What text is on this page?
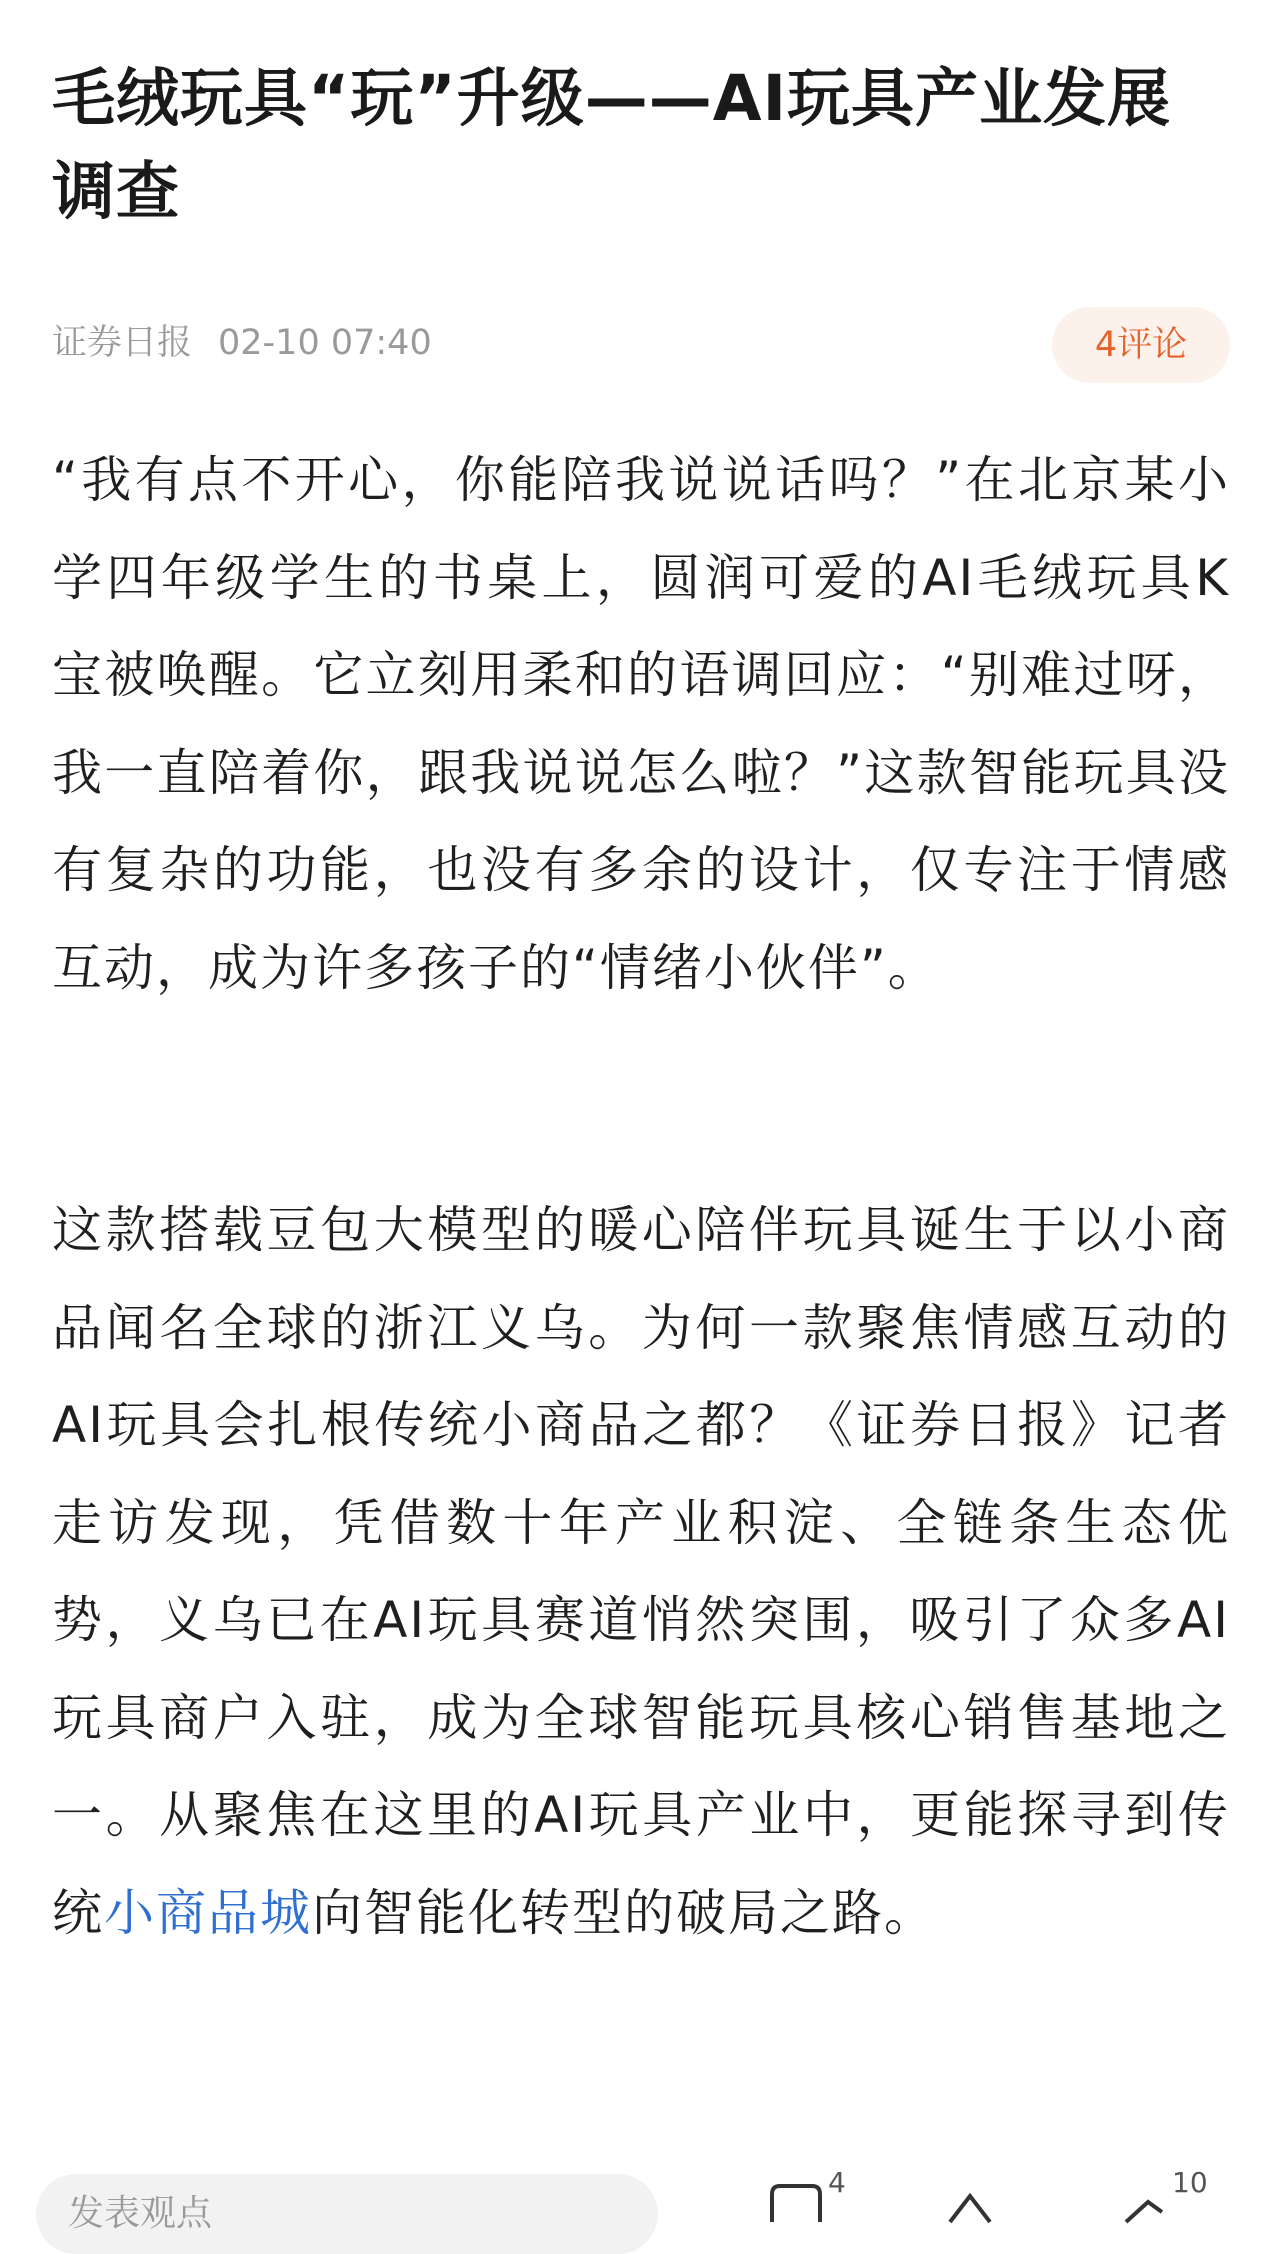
毛绒玩具“玩”升级——AI玩具产业发展调查
证券日报 02-10 07:40	4评论

“我有点不开心，你能陪我说说话吗？”在北京某小学四年级学生的书桌上，圆润可爱的AI毛绒玩具K宝被唤醒。它立刻用柔和的语调回应：“别难过呀，我一直陪着你，跟我说说怎么啦？”这款智能玩具没有复杂的功能，也没有多余的设计，仅专注于情感互动，成为许多孩子的“情绪小伙伴”。

这款搭载豆包大模型的暖心陪伴玩具诞生于以小商品闻名全球的浙江义乌。为何一款聚焦情感互动的AI玩具会扎根传统小商品之都？《证券日报》记者走访发现，凭借数十年产业积淀、全链条生态优势，义乌已在AI玩具赛道悄然突围，吸引了众多AI玩具商户入驻，成为全球智能玩具核心销售基地之一。从聚焦在这里的AI玩具产业中，更能探寻到传统小商品城向智能化转型的破局之路。

发表观点
4	10
